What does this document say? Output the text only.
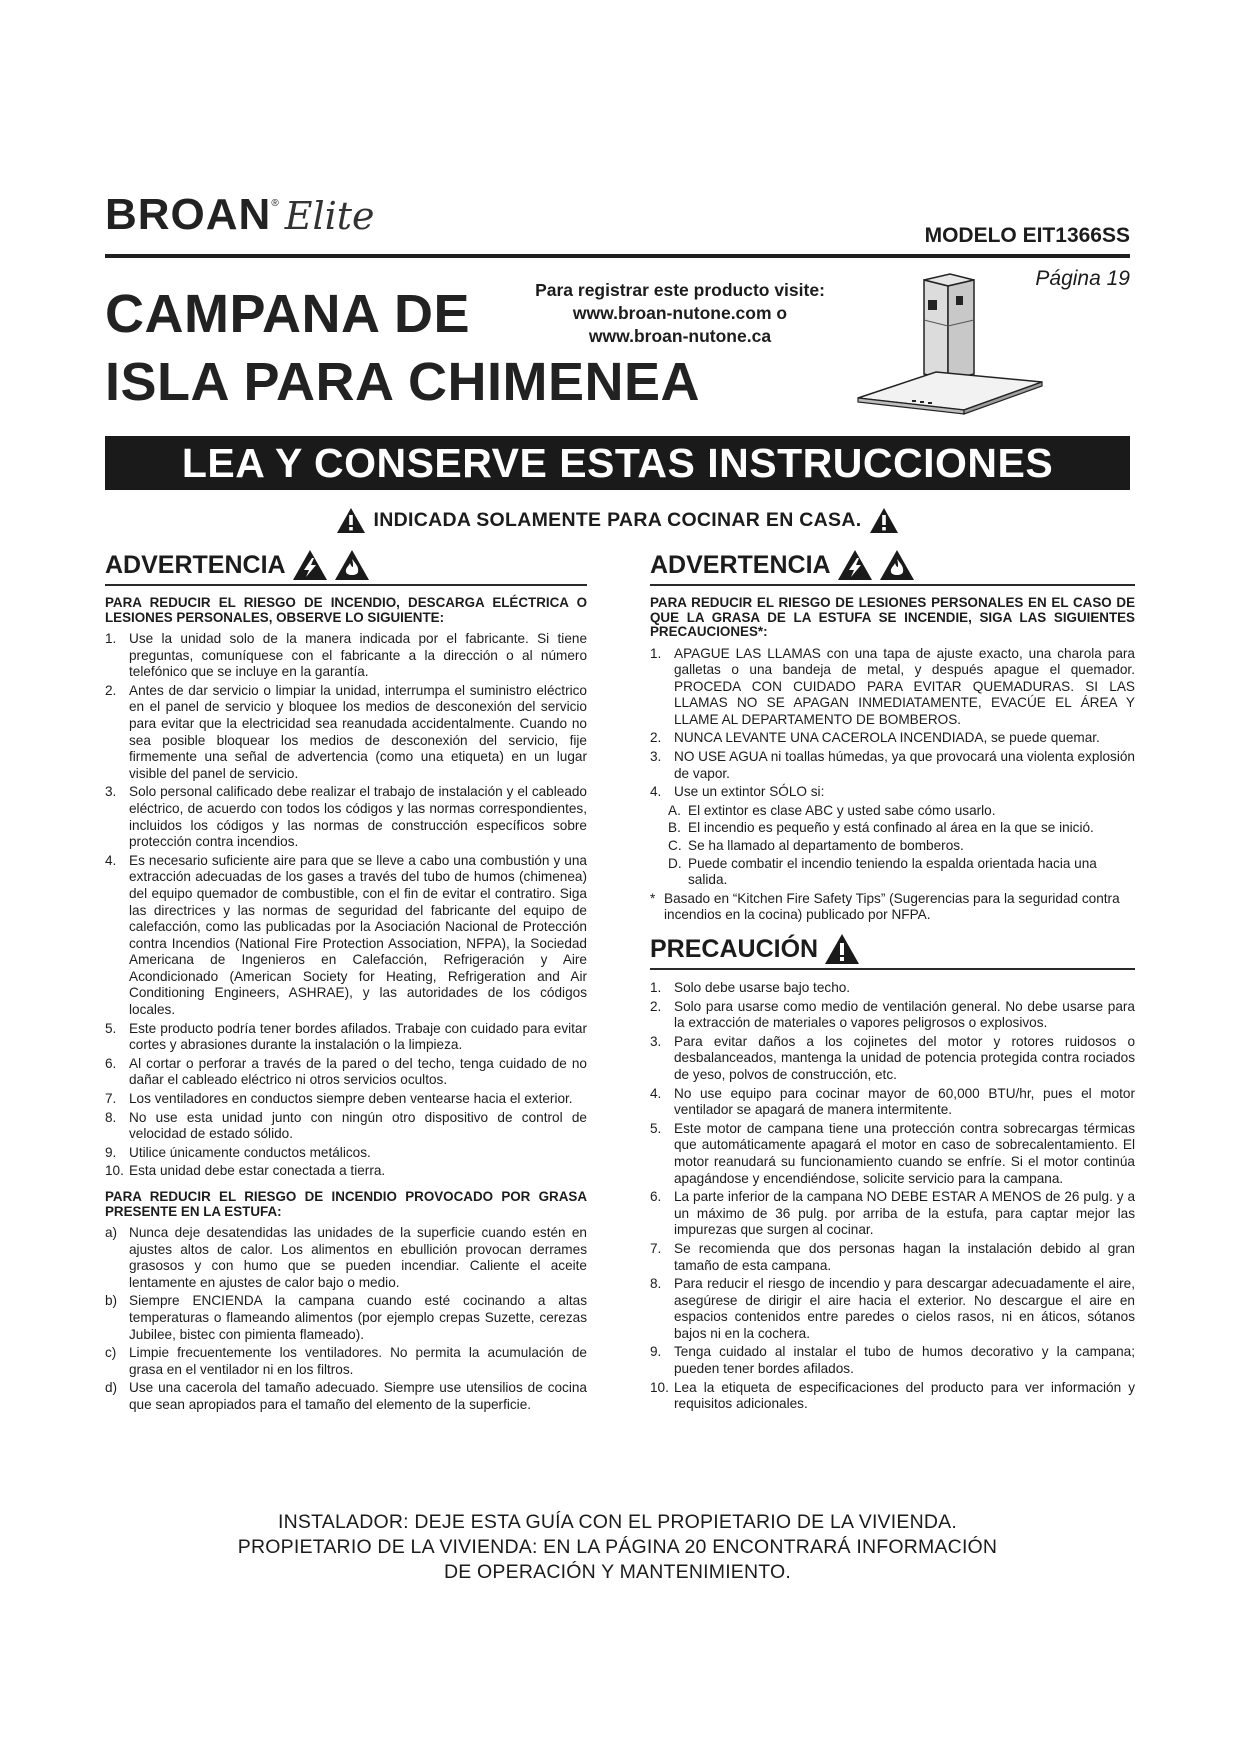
BROAN® Elite	MODELO EIT1366SS
Página 19
CAMPANA DE
ISLA PARA CHIMENEA
Para registrar este producto visite:
www.broan-nutone.com o
www.broan-nutone.ca
LEA Y CONSERVE ESTAS INSTRUCCIONES
INDICADA SOLAMENTE PARA COCINAR EN CASA.
ADVERTENCIA
PARA REDUCIR EL RIESGO DE INCENDIO, DESCARGA ELÉCTRICA O LESIONES PERSONALES, OBSERVE LO SIGUIENTE:
1. Use la unidad solo de la manera indicada por el fabricante. Si tiene preguntas, comuníquese con el fabricante a la dirección o al número telefónico que se incluye en la garantía.
2. Antes de dar servicio o limpiar la unidad, interrumpa el suministro eléctrico en el panel de servicio y bloquee los medios de desconexión del servicio para evitar que la electricidad sea reanudada accidentalmente. Cuando no sea posible bloquear los medios de desconexión del servicio, fije firmemente una señal de advertencia (como una etiqueta) en un lugar visible del panel de servicio.
3. Solo personal calificado debe realizar el trabajo de instalación y el cableado eléctrico, de acuerdo con todos los códigos y las normas correspondientes, incluidos los códigos y las normas de construcción específicos sobre protección contra incendios.
4. Es necesario suficiente aire para que se lleve a cabo una combustión y una extracción adecuadas de los gases a través del tubo de humos (chimenea) del equipo quemador de combustible, con el fin de evitar el contratiro. Siga las directrices y las normas de seguridad del fabricante del equipo de calefacción, como las publicadas por la Asociación Nacional de Protección contra Incendios (National Fire Protection Association, NFPA), la Sociedad Americana de Ingenieros en Calefacción, Refrigeración y Aire Acondicionado (American Society for Heating, Refrigeration and Air Conditioning Engineers, ASHRAE), y las autoridades de los códigos locales.
5. Este producto podría tener bordes afilados. Trabaje con cuidado para evitar cortes y abrasiones durante la instalación o la limpieza.
6. Al cortar o perforar a través de la pared o del techo, tenga cuidado de no dañar el cableado eléctrico ni otros servicios ocultos.
7. Los ventiladores en conductos siempre deben ventearse hacia el exterior.
8. No use esta unidad junto con ningún otro dispositivo de control de velocidad de estado sólido.
9. Utilice únicamente conductos metálicos.
10. Esta unidad debe estar conectada a tierra.
PARA REDUCIR EL RIESGO DE INCENDIO PROVOCADO POR GRASA PRESENTE EN LA ESTUFA:
a) Nunca deje desatendidas las unidades de la superficie cuando estén en ajustes altos de calor. Los alimentos en ebullición provocan derrames grasosos y con humo que se pueden incendiar. Caliente el aceite lentamente en ajustes de calor bajo o medio.
b) Siempre ENCIENDA la campana cuando esté cocinando a altas temperaturas o flameando alimentos (por ejemplo crepas Suzette, cerezas Jubilee, bistec con pimienta flameado).
c) Limpie frecuentemente los ventiladores. No permita la acumulación de grasa en el ventilador ni en los filtros.
d) Use una cacerola del tamaño adecuado. Siempre use utensilios de cocina que sean apropiados para el tamaño del elemento de la superficie.
ADVERTENCIA
PARA REDUCIR EL RIESGO DE LESIONES PERSONALES EN EL CASO DE QUE LA GRASA DE LA ESTUFA SE INCENDIE, SIGA LAS SIGUIENTES PRECAUCIONES*:
1. APAGUE LAS LLAMAS con una tapa de ajuste exacto, una charola para galletas o una bandeja de metal, y después apague el quemador. PROCEDA CON CUIDADO PARA EVITAR QUEMADURAS. SI LAS LLAMAS NO SE APAGAN INMEDIATAMENTE, EVACÚE EL ÁREA Y LLAME AL DEPARTAMENTO DE BOMBEROS.
2. NUNCA LEVANTE UNA CACEROLA INCENDIADA, se puede quemar.
3. NO USE AGUA ni toallas húmedas, ya que provocará una violenta explosión de vapor.
4. Use un extintor SÓLO si:
A. El extintor es clase ABC y usted sabe cómo usarlo.
B. El incendio es pequeño y está confinado al área en la que se inició.
C. Se ha llamado al departamento de bomberos.
D. Puede combatir el incendio teniendo la espalda orientada hacia una salida.
* Basado en “Kitchen Fire Safety Tips” (Sugerencias para la seguridad contra incendios en la cocina) publicado por NFPA.
PRECAUCIÓN
1. Solo debe usarse bajo techo.
2. Solo para usarse como medio de ventilación general. No debe usarse para la extracción de materiales o vapores peligrosos o explosivos.
3. Para evitar daños a los cojinetes del motor y rotores ruidosos o desbalanceados, mantenga la unidad de potencia protegida contra rociados de yeso, polvos de construcción, etc.
4. No use equipo para cocinar mayor de 60,000 BTU/hr, pues el motor ventilador se apagará de manera intermitente.
5. Este motor de campana tiene una protección contra sobrecargas térmicas que automáticamente apagará el motor en caso de sobrecalentamiento. El motor reanudará su funcionamiento cuando se enfríe. Si el motor continúa apagándose y encendiéndose, solicite servicio para la campana.
6. La parte inferior de la campana NO DEBE ESTAR A MENOS de 26 pulg. y a un máximo de 36 pulg. por arriba de la estufa, para captar mejor las impurezas que surgen al cocinar.
7. Se recomienda que dos personas hagan la instalación debido al gran tamaño de esta campana.
8. Para reducir el riesgo de incendio y para descargar adecuadamente el aire, asegúrese de dirigir el aire hacia el exterior. No descargue el aire en espacios contenidos entre paredes o cielos rasos, ni en áticos, sótanos bajos ni en la cochera.
9. Tenga cuidado al instalar el tubo de humos decorativo y la campana; pueden tener bordes afilados.
10. Lea la etiqueta de especificaciones del producto para ver información y requisitos adicionales.
INSTALADOR: DEJE ESTA GUÍA CON EL PROPIETARIO DE LA VIVIENDA.
PROPIETARIO DE LA VIVIENDA: EN LA PÁGINA 20 ENCONTRARÁ INFORMACIÓN
DE OPERACIÓN Y MANTENIMIENTO.
